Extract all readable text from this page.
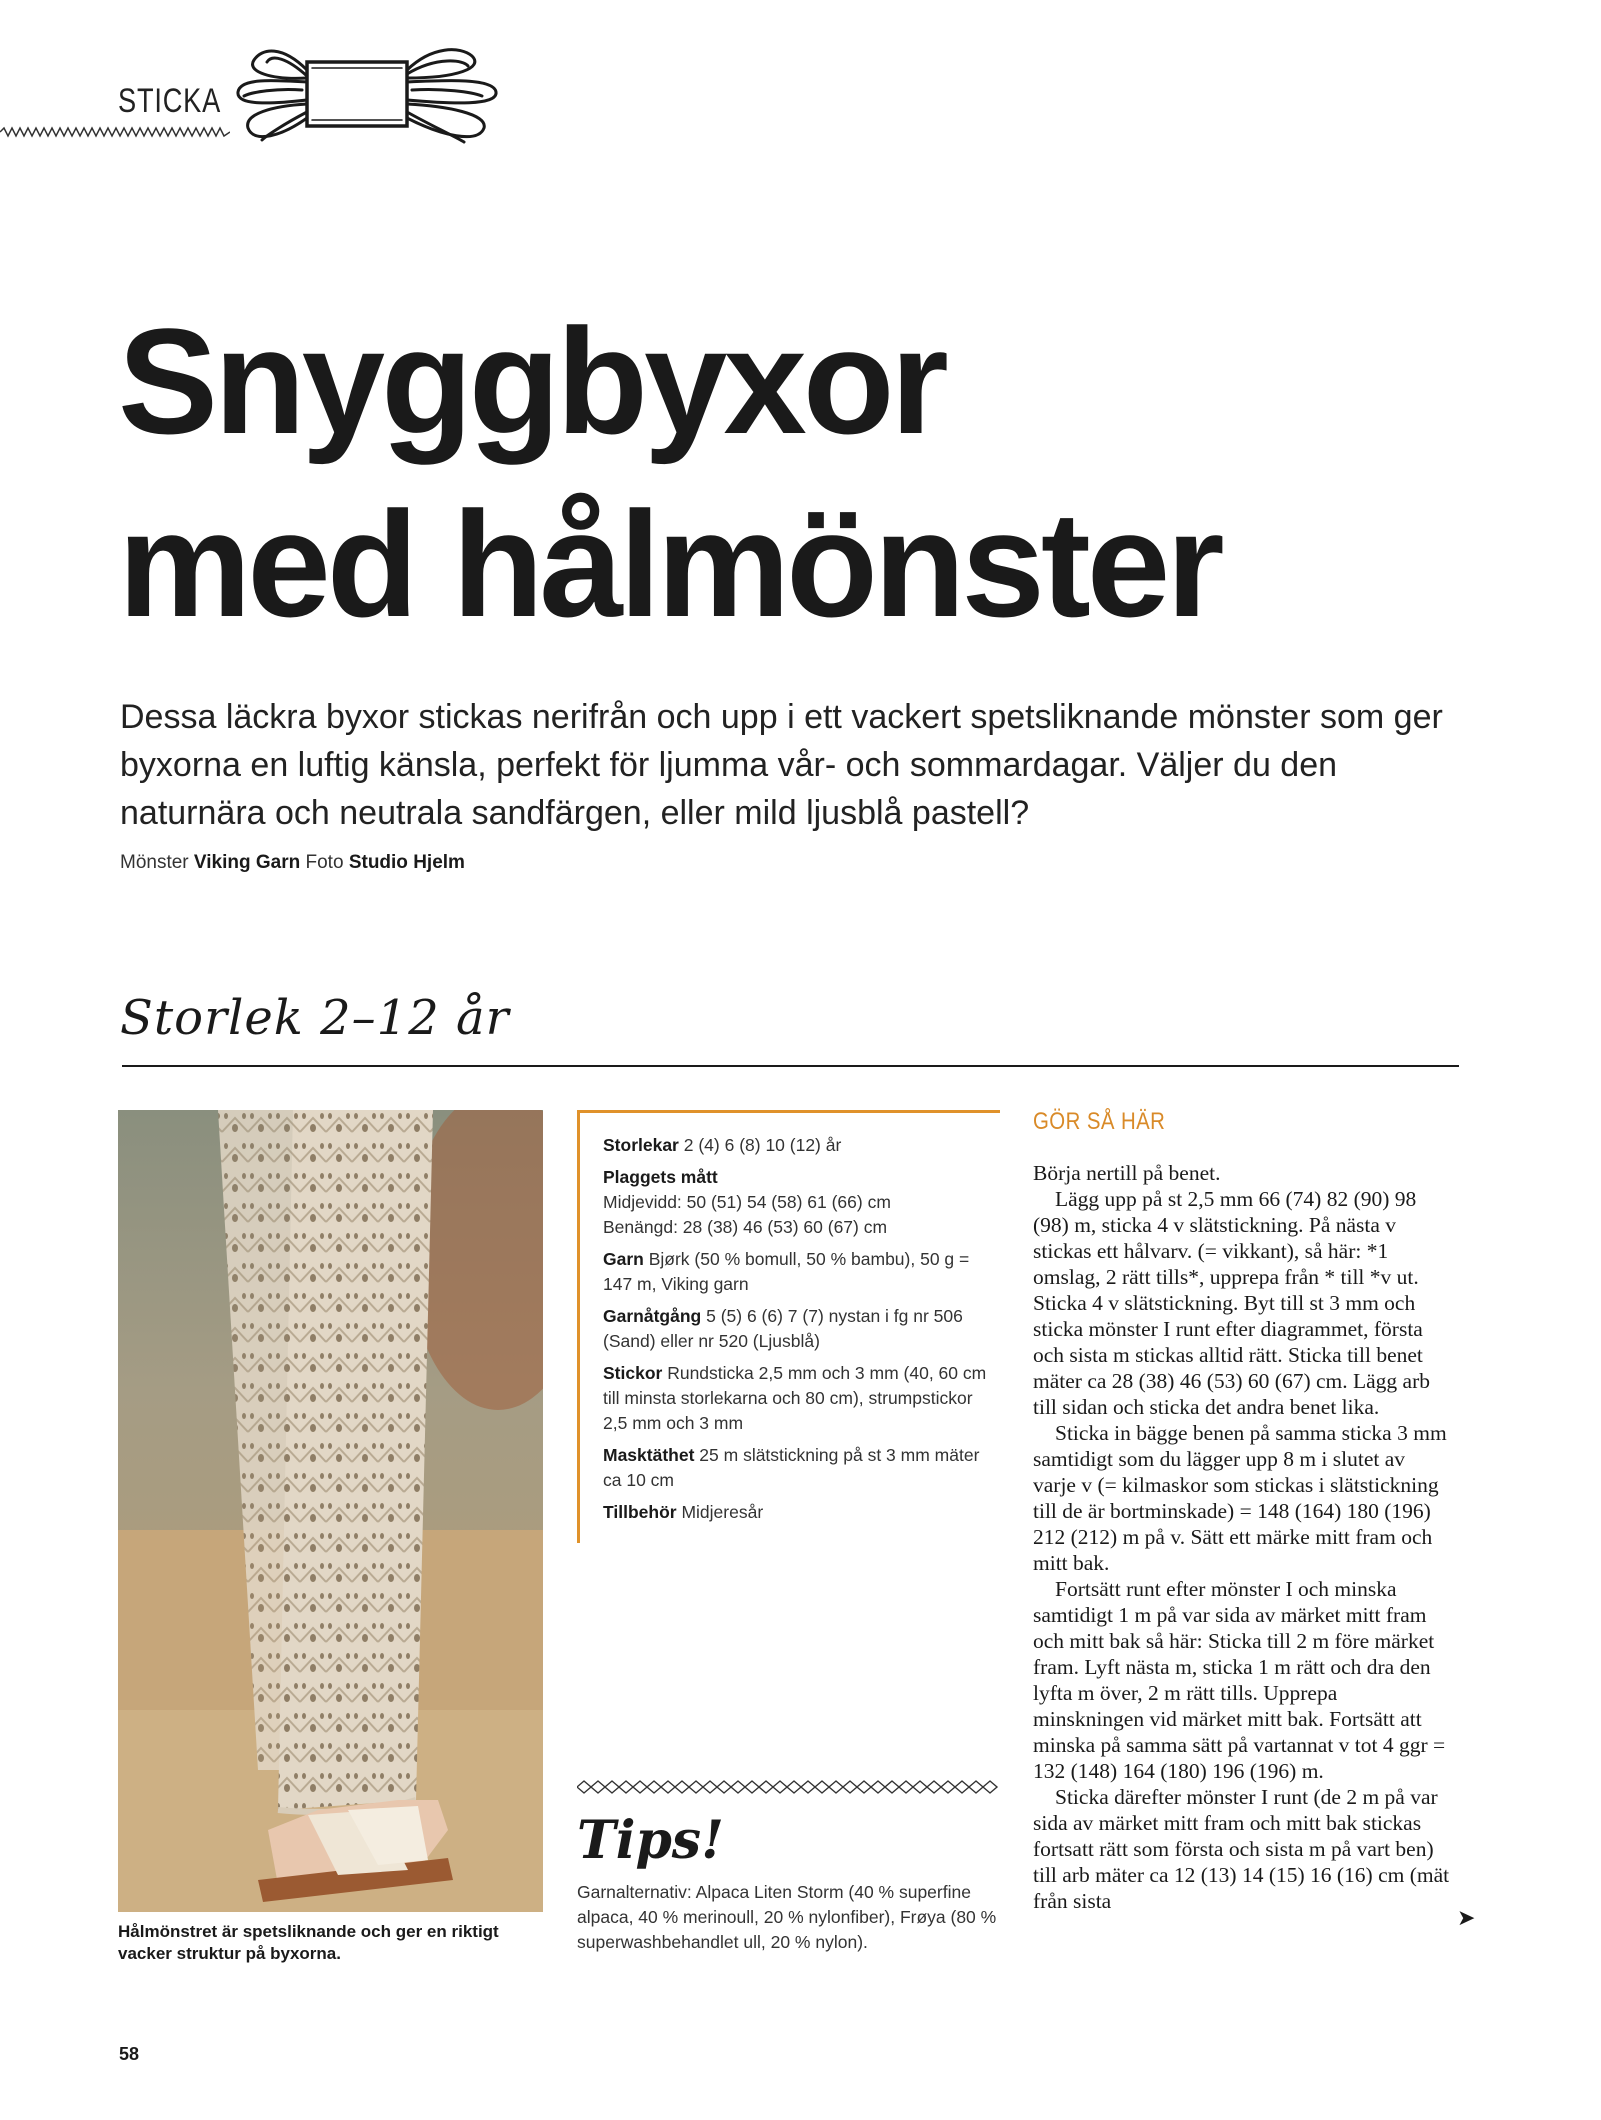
STICKA
Snyggbyxor
med hålmönster

Dessa läckra byxor stickas nerifrån och upp i ett vackert spetsliknande mönster som ger byxorna en luftig känsla, perfekt för ljumma vår- och sommardagar. Väljer du den naturnära och neutrala sandfärgen, eller mild ljusblå pastell?

Mönster Viking Garn Foto Studio Hjelm
Storlek 2–12 år
Hålmönstret är spetsliknande och ger en riktigt vacker struktur på byxorna.

Storlekar 2 (4) 6 (8) 10 (12) år

Plaggets mått
Midjevidd: 50 (51) 54 (58) 61 (66) cm
Benängd: 28 (38) 46 (53) 60 (67) cm

Garn Bjørk (50 % bomull, 50 % bambu), 50 g = 147 m, Viking garn

Garnåtgång 5 (5) 6 (6) 7 (7) nystan i fg nr 506 (Sand) eller nr 520 (Ljusblå)

Stickor Rundsticka 2,5 mm och 3 mm (40, 60 cm till minsta storlekarna och 80 cm), strumpstickor 2,5 mm och 3 mm

Masktäthet 25 m slätstickning på st 3 mm mäter ca 10 cm

Tillbehör Midjeresår

Tips!
Garnalternativ: Alpaca Liten Storm (40 % superfine alpaca, 40 % merinoull, 20 % nylonfiber), Frøya (80 % superwashbehandlet ull, 20 % nylon).
GÖR SÅ HÄR

Börja nertill på benet.

Lägg upp på st 2,5 mm 66 (74) 82 (90) 98 (98) m, sticka 4 v slätstickning. På nästa v stickas ett hålvarv. (= vikkant), så här: *1 omslag, 2 rätt tills*, upprepa från * till *v ut. Sticka 4 v slätstickning. Byt till st 3 mm och sticka mönster I runt efter diagrammet, första och sista m stickas alltid rätt. Sticka till benet mäter ca 28 (38) 46 (53) 60 (67) cm. Lägg arb till sidan och sticka det andra benet lika.

Sticka in bägge benen på samma sticka 3 mm samtidigt som du lägger upp 8 m i slutet av varje v (= kilmaskor som stickas i slätstickning till de är bortminskade) = 148 (164) 180 (196) 212 (212) m på v. Sätt ett märke mitt fram och mitt bak.

Fortsätt runt efter mönster I och minska samtidigt 1 m på var sida av märket mitt fram och mitt bak så här: Sticka till 2 m före märket fram. Lyft nästa m, sticka 1 m rätt och dra den lyfta m över, 2 m rätt tills. Upprepa minskningen vid märket mitt bak. Fortsätt att minska på samma sätt på vartannat v tot 4 ggr = 132 (148) 164 (180) 196 (196) m.

Sticka därefter mönster I runt (de 2 m på var sida av märket mitt fram och mitt bak stickas fortsatt rätt som första och sista m på vart ben) till arb mäter ca 12 (13) 14 (15) 16 (16) cm (mät från sista

➤
58
